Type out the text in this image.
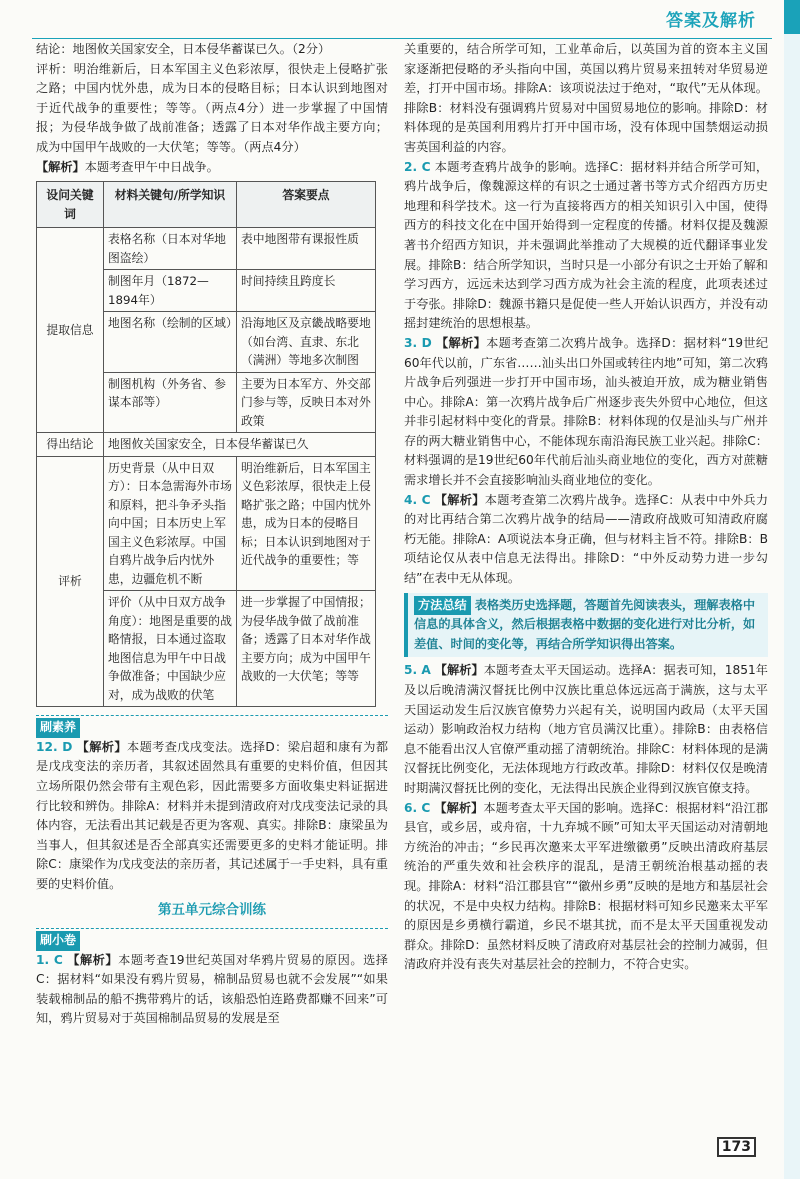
答案及解析

结论：地图攸关国家安全，日本侵华蓄谋已久。（2分）

评析：明治维新后，日本军国主义色彩浓厚，很快走上侵略扩张之路；中国内忧外患，成为日本的侵略目标；日本认识到地图对于近代战争的重要性；等等。（两点4分）进一步掌握了中国情报；为侵华战争做了战前准备；透露了日本对华作战主要方向；成为中国甲午战败的一大伏笔；等等。（两点4分）

【解析】本题考查甲午中日战争。

设问关键词	材料关键句/所学知识	答案要点
提取信息	表格名称（日本对华地图盗绘）	表中地图带有课报性质
	制图年月（1872—1894年）	时间持续且跨度长
	地图名称（绘制的区域）	沿海地区及京畿战略要地（如台湾、直隶、东北（满洲）等地多次制图
	制图机构（外务省、参谋本部等）	主要为日本军方、外交部门参与等，反映日本对外政策
得出结论	地图攸关国家安全，日本侵华蓄谋已久	
评析	历史背景（从中日双方）：日本急需海外市场和原料，把斗争矛头指向中国；日本历史上军国主义色彩浓厚。中国自鸦片战争后内忧外患，边疆危机不断	明治维新后，日本军国主义色彩浓厚，很快走上侵略扩张之路；中国内忧外患，成为日本的侵略目标；日本认识到地图对于近代战争的重要性；等
	评价（从中日双方战争角度）：地图是重要的战略情报，日本通过盗取地图信息为甲午中日战争做准备；中国缺少应对，成为战败的伏笔	进一步掌握了中国情报；为侵华战争做了战前准备；透露了日本对华作战主要方向；成为中国甲午战败的一大伏笔；等等
刷素养

12. D 【解析】本题考查戊戌变法。选择D：梁启超和康有为都是戊戌变法的亲历者，其叙述固然具有重要的史料价值，但因其立场所限仍然会带有主观色彩，因此需要多方面收集史料证据进行比较和辨伪。排除A：材料并未提到清政府对戊戌变法记录的具体内容，无法看出其记载是否更为客观、真实。排除B：康梁虽为当事人，但其叙述是否全部真实还需要更多的史料才能证明。排除C：康梁作为戊戌变法的亲历者，其记述属于一手史料，具有重要的史料价值。

第五单元综合训练
刷小卷

1. C 【解析】本题考查19世纪英国对华鸦片贸易的原因。选择C：据材料“如果没有鸦片贸易，棉制品贸易也就不会发展”“如果装载棉制品的船不携带鸦片的话，该船恐怕连路费都赚不回来”可知，鸦片贸易对于英国棉制品贸易的发展是至

关重要的，结合所学可知，工业革命后，以英国为首的资本主义国家逐渐把侵略的矛头指向中国，英国以鸦片贸易来扭转对华贸易逆差，打开中国市场。排除A：该项说法过于绝对，“取代”无从体现。排除B：材料没有强调鸦片贸易对中国贸易地位的影响。排除D：材料体现的是英国利用鸦片打开中国市场，没有体现中国禁烟运动损害英国利益的内容。

2. C 本题考查鸦片战争的影响。选择C：据材料并结合所学可知，鸦片战争后，像魏源这样的有识之士通过著书等方式介绍西方历史地理和科学技术。这一行为直接将西方的相关知识引入中国，使得西方的科技文化在中国开始得到一定程度的传播。材料仅提及魏源著书介绍西方知识，并未强调此举推动了大规模的近代翻译事业发展。排除B：结合所学知识，当时只是一小部分有识之士开始了解和学习西方，远远未达到学习西方成为社会主流的程度，此项表述过于夸张。排除D：魏源书籍只是促使一些人开始认识西方，并没有动摇封建统治的思想根基。

3. D 【解析】本题考查第二次鸦片战争。选择D：据材料“19世纪60年代以前，广东省……汕头出口外国或转往内地”可知，第二次鸦片战争后列强进一步打开中国市场，汕头被迫开放，成为糖业销售中心。排除A：第一次鸦片战争后广州逐步丧失外贸中心地位，但这并非引起材料中变化的背景。排除B：材料体现的仅是汕头与广州并存的两大糖业销售中心，不能体现东南沿海民族工业兴起。排除C：材料强调的是19世纪60年代前后汕头商业地位的变化，西方对蔗糖需求增长并不会直接影响汕头商业地位的变化。

4. C 【解析】本题考查第二次鸦片战争。选择C：从表中中外兵力的对比再结合第二次鸦片战争的结局——清政府战败可知清政府腐朽无能。排除A：A项说法本身正确，但与材料主旨不符。排除B：B项结论仅从表中信息无法得出。排除D：“中外反动势力进一步勾结”在表中无从体现。

方法总结 表格类历史选择题，答题首先阅读表头，理解表格中信息的具体含义，然后根据表格中数据的变化进行对比分析，如差值、时间的变化等，再结合所学知识得出答案。

5. A 【解析】本题考查太平天国运动。选择A：据表可知，1851年及以后晚清满汉督抚比例中汉族比重总体远远高于满族，这与太平天国运动发生后汉族官僚势力兴起有关，说明国内政局（太平天国运动）影响政治权力结构（地方官员满汉比重）。排除B：由表格信息不能看出汉人官僚严重动摇了清朝统治。排除C：材料体现的是满汉督抚比例变化，无法体现地方行政改革。排除D：材料仅仅是晚清时期满汉督抚比例的变化，无法得出民族企业得到汉族官僚支持。

6. C 【解析】本题考查太平天国的影响。选择C：根据材料“沿江郡县官，或乡居，或舟宿，十九弃城不顾”可知太平天国运动对清朝地方统治的冲击；“乡民再次邀来太平军进缴徽勇”反映出清政府基层统治的严重失效和社会秩序的混乱，是清王朝统治根基动摇的表现。排除A：材料“沿江郡县官”“徽州乡勇”反映的是地方和基层社会的状况，不是中央权力结构。排除B：根据材料可知乡民邀来太平军的原因是乡勇横行霸道，乡民不堪其扰，而不是太平天国重视发动群众。排除D：虽然材料反映了清政府对基层社会的控制力减弱，但清政府并没有丧失对基层社会的控制力，不符合史实。

173
